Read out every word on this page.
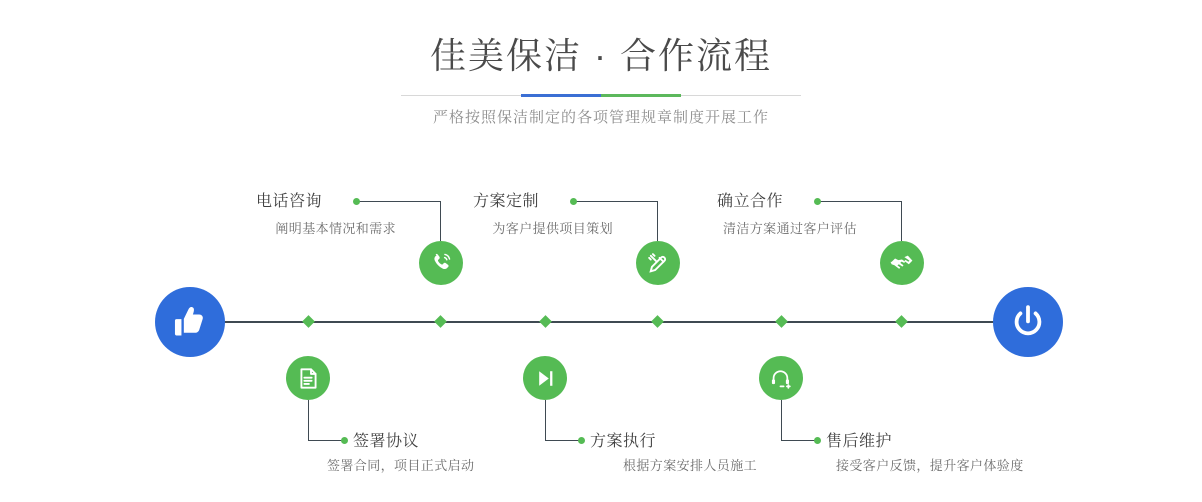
佳美保洁 · 合作流程
严格按照保洁制定的各项管理规章制度开展工作
电话咨询
阐明基本情况和需求
方案定制
为客户提供项目策划
确立合作
清洁方案通过客户评估
签署协议
签署合同，项目正式启动
方案执行
根据方案安排人员施工
售后维护
接受客户反馈，提升客户体验度
